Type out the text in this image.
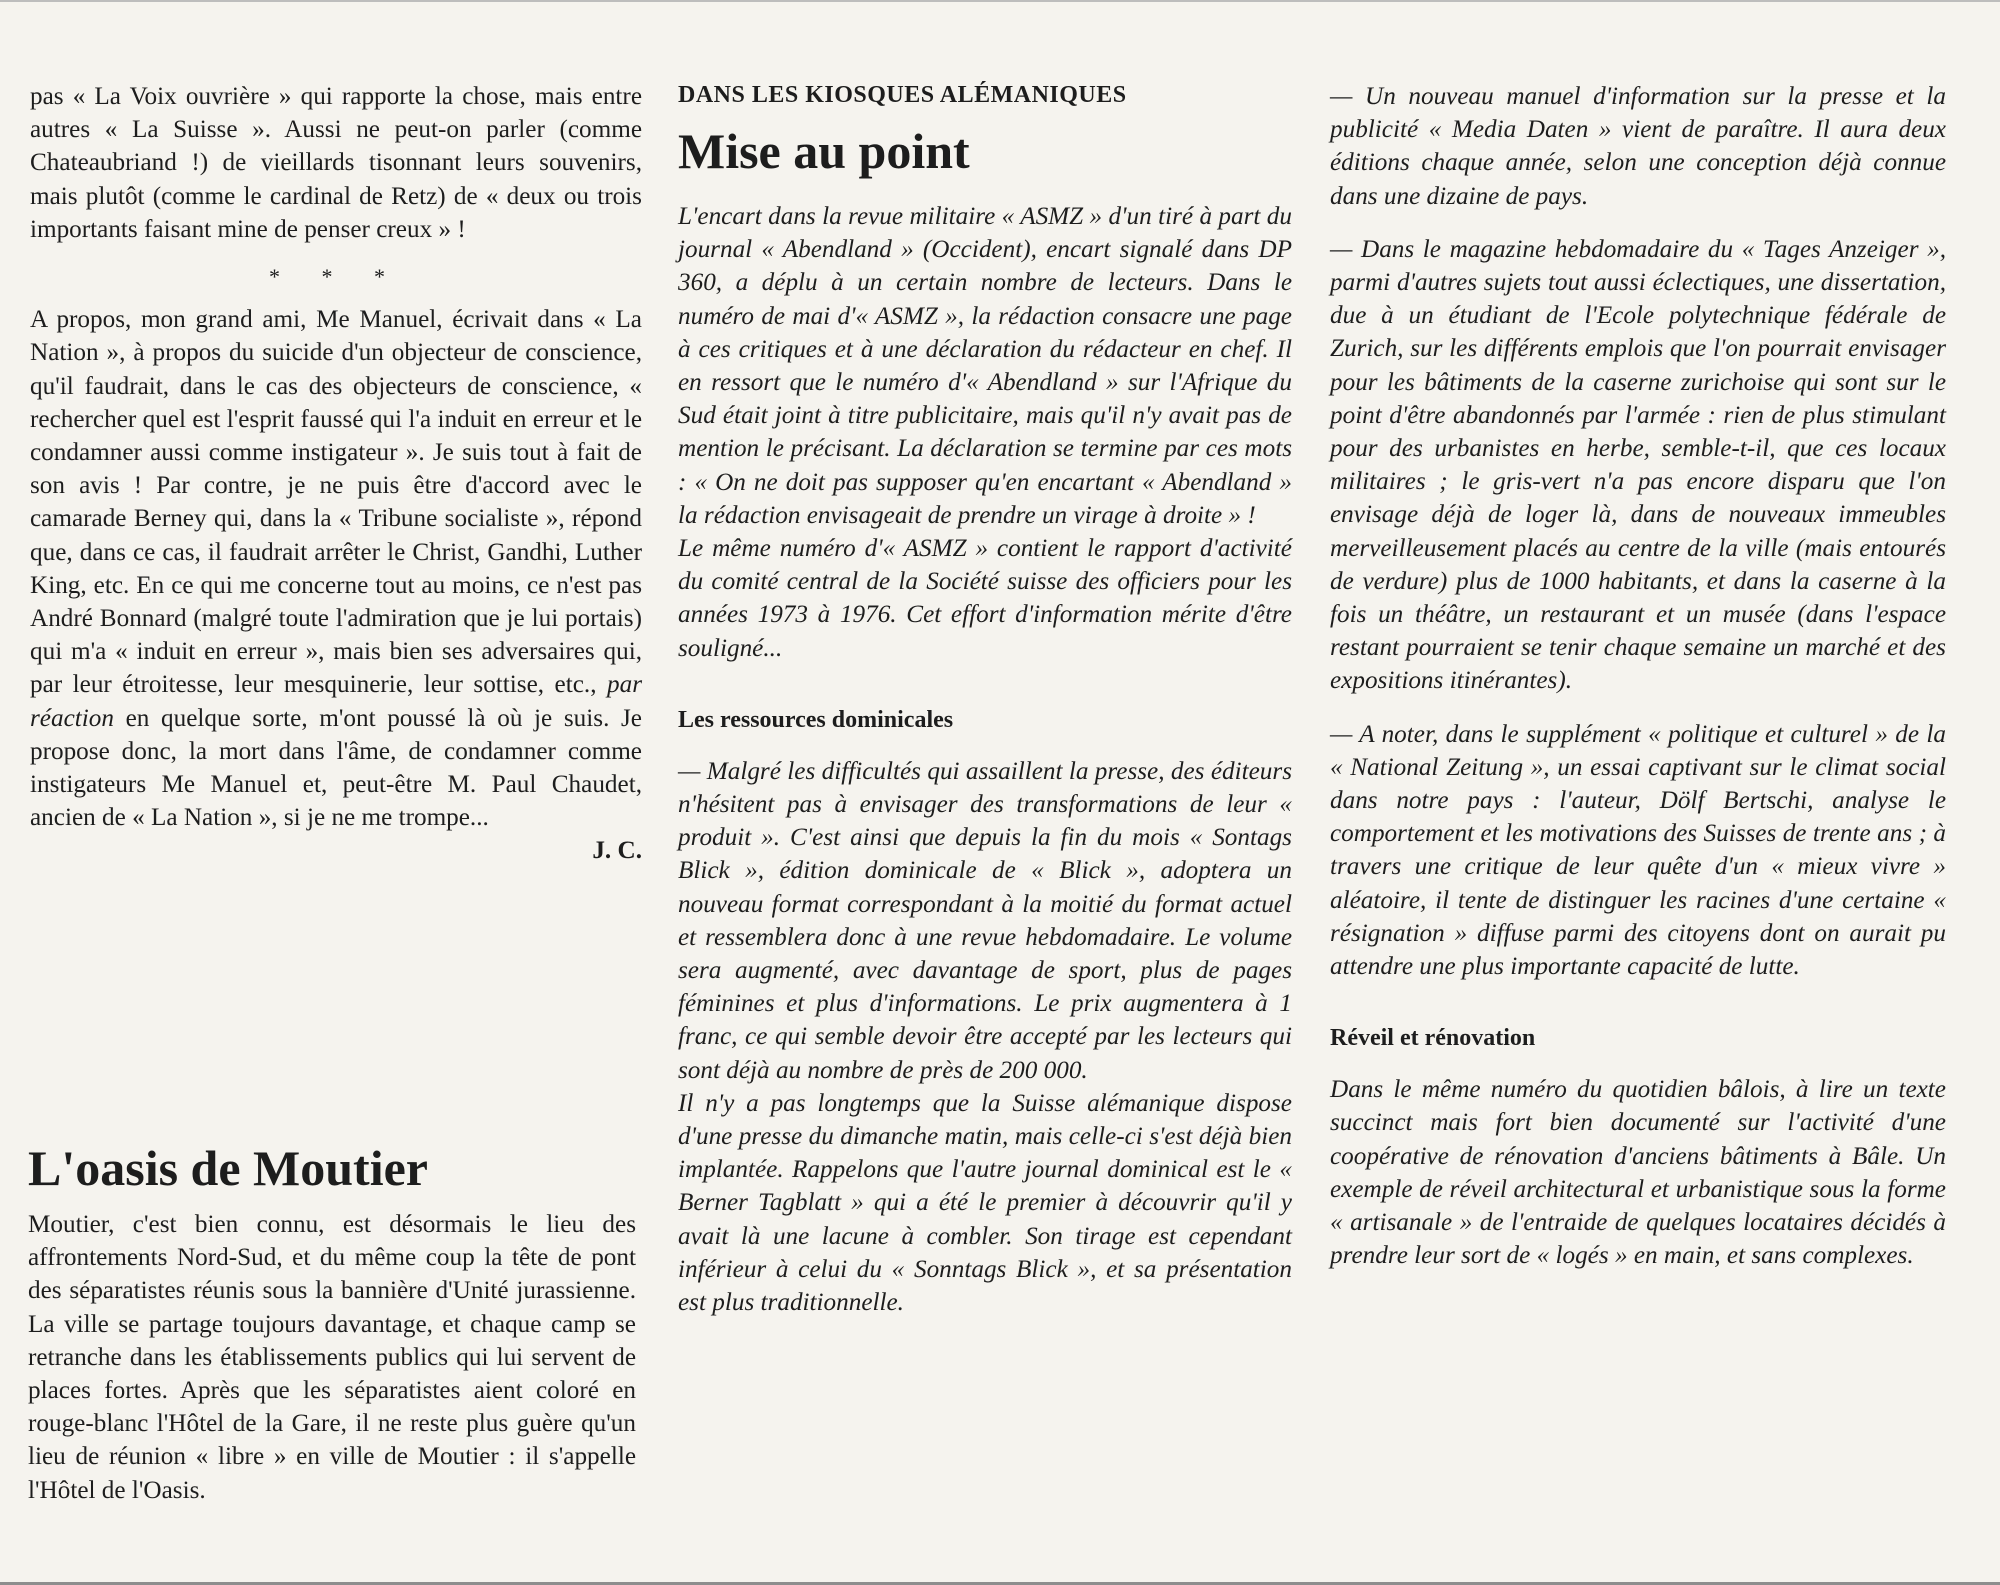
pas « La Voix ouvrière » qui rapporte la chose, mais entre autres « La Suisse ». Aussi ne peut-on parler (comme Chateaubriand !) de vieillards tisonnant leurs souvenirs, mais plutôt (comme le cardinal de Retz) de « deux ou trois importants faisant mine de penser creux » !

* * *

A propos, mon grand ami, Me Manuel, écrivait dans « La Nation », à propos du suicide d'un objecteur de conscience, qu'il faudrait, dans le cas des objecteurs de conscience, « rechercher quel est l'esprit faussé qui l'a induit en erreur et le condamner aussi comme instigateur ». Je suis tout à fait de son avis ! Par contre, je ne puis être d'accord avec le camarade Berney qui, dans la « Tribune socialiste », répond que, dans ce cas, il faudrait arrêter le Christ, Gandhi, Luther King, etc. En ce qui me concerne tout au moins, ce n'est pas André Bonnard (malgré toute l'admiration que je lui portais) qui m'a « induit en erreur », mais bien ses adversaires qui, par leur étroitesse, leur mesquinerie, leur sottise, etc., par réaction en quelque sorte, m'ont poussé là où je suis. Je propose donc, la mort dans l'âme, de condamner comme instigateurs Me Manuel et, peut-être M. Paul Chaudet, ancien de « La Nation », si je ne me trompe...

J. C.

L'oasis de Moutier

Moutier, c'est bien connu, est désormais le lieu des affrontements Nord-Sud, et du même coup la tête de pont des séparatistes réunis sous la bannière d'Unité jurassienne. La ville se partage toujours davantage, et chaque camp se retranche dans les établissements publics qui lui servent de places fortes. Après que les séparatistes aient coloré en rouge-blanc l'Hôtel de la Gare, il ne reste plus guère qu'un lieu de réunion « libre » en ville de Moutier : il s'appelle l'Hôtel de l'Oasis.

DANS LES KIOSQUES ALÉMANIQUES
Mise au point

L'encart dans la revue militaire « ASMZ » d'un tiré à part du journal « Abendland » (Occident), encart signalé dans DP 360, a déplu à un certain nombre de lecteurs. Dans le numéro de mai d'« ASMZ », la rédaction consacre une page à ces critiques et à une déclaration du rédacteur en chef. Il en ressort que le numéro d'« Abendland » sur l'Afrique du Sud était joint à titre publicitaire, mais qu'il n'y avait pas de mention le précisant. La déclaration se termine par ces mots : « On ne doit pas supposer qu'en encartant « Abendland » la rédaction envisageait de prendre un virage à droite » !

Le même numéro d'« ASMZ » contient le rapport d'activité du comité central de la Société suisse des officiers pour les années 1973 à 1976. Cet effort d'information mérite d'être souligné...

Les ressources dominicales

— Malgré les difficultés qui assaillent la presse, des éditeurs n'hésitent pas à envisager des transformations de leur « produit ». C'est ainsi que depuis la fin du mois « Sontags Blick », édition dominicale de « Blick », adoptera un nouveau format correspondant à la moitié du format actuel et ressemblera donc à une revue hebdomadaire. Le volume sera augmenté, avec davantage de sport, plus de pages féminines et plus d'informations. Le prix augmentera à 1 franc, ce qui semble devoir être accepté par les lecteurs qui sont déjà au nombre de près de 200 000.

Il n'y a pas longtemps que la Suisse alémanique dispose d'une presse du dimanche matin, mais celle-ci s'est déjà bien implantée. Rappelons que l'autre journal dominical est le « Berner Tagblatt » qui a été le premier à découvrir qu'il y avait là une lacune à combler. Son tirage est cependant inférieur à celui du « Sonntags Blick », et sa présentation est plus traditionnelle.

— Un nouveau manuel d'information sur la presse et la publicité « Media Daten » vient de paraître. Il aura deux éditions chaque année, selon une conception déjà connue dans une dizaine de pays.

— Dans le magazine hebdomadaire du « Tages Anzeiger », parmi d'autres sujets tout aussi éclectiques, une dissertation, due à un étudiant de l'Ecole polytechnique fédérale de Zurich, sur les différents emplois que l'on pourrait envisager pour les bâtiments de la caserne zurichoise qui sont sur le point d'être abandonnés par l'armée : rien de plus stimulant pour des urbanistes en herbe, semble-t-il, que ces locaux militaires ; le gris-vert n'a pas encore disparu que l'on envisage déjà de loger là, dans de nouveaux immeubles merveilleusement placés au centre de la ville (mais entourés de verdure) plus de 1000 habitants, et dans la caserne à la fois un théâtre, un restaurant et un musée (dans l'espace restant pourraient se tenir chaque semaine un marché et des expositions itinérantes).

— A noter, dans le supplément « politique et culturel » de la « National Zeitung », un essai captivant sur le climat social dans notre pays : l'auteur, Dölf Bertschi, analyse le comportement et les motivations des Suisses de trente ans ; à travers une critique de leur quête d'un « mieux vivre » aléatoire, il tente de distinguer les racines d'une certaine « résignation » diffuse parmi des citoyens dont on aurait pu attendre une plus importante capacité de lutte.

Réveil et rénovation

Dans le même numéro du quotidien bâlois, à lire un texte succinct mais fort bien documenté sur l'activité d'une coopérative de rénovation d'anciens bâtiments à Bâle. Un exemple de réveil architectural et urbanistique sous la forme « artisanale » de l'entraide de quelques locataires décidés à prendre leur sort de « logés » en main, et sans complexes.
